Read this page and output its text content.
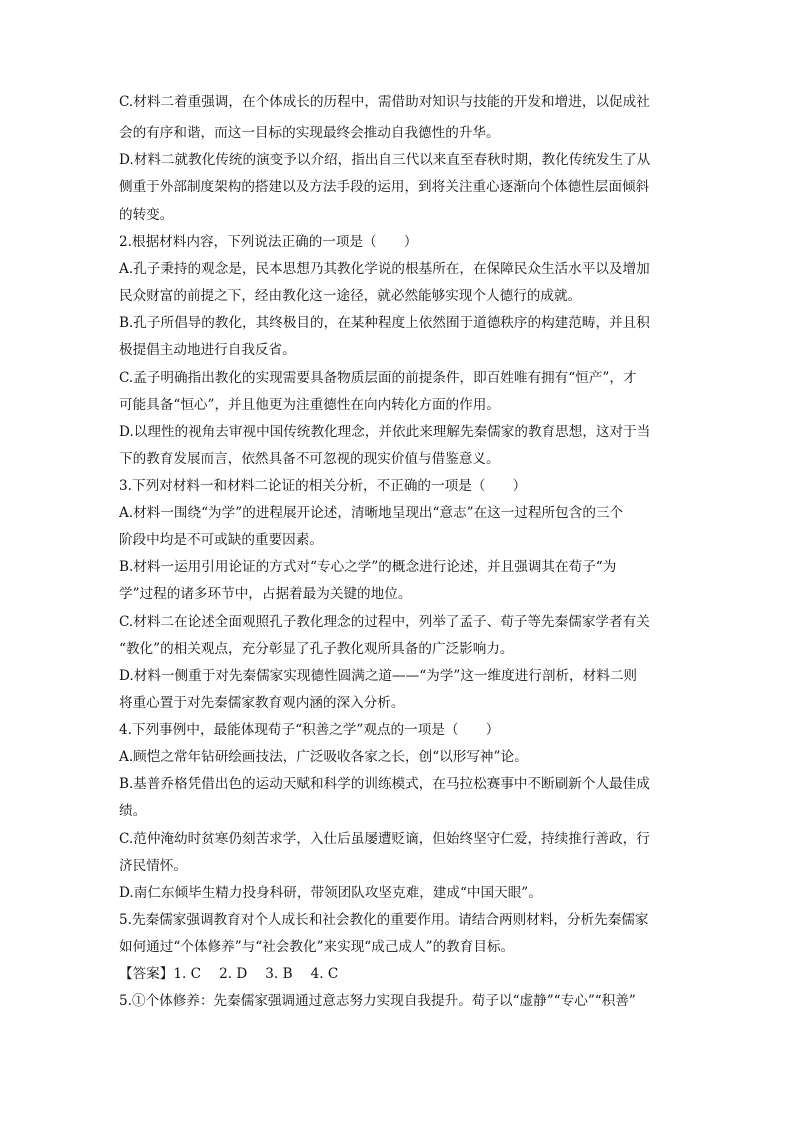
C.材料二着重强调，在个体成长的历程中，需借助对知识与技能的开发和增进，以促成社
会的有序和谐，而这一目标的实现最终会推动自我德性的升华。
D.材料二就教化传统的演变予以介绍，指出自三代以来直至春秋时期，教化传统发生了从
侧重于外部制度架构的搭建以及方法手段的运用，到将关注重心逐渐向个体德性层面倾斜
的转变。
2.根据材料内容，下列说法正确的一项是（　　）
A.孔子秉持的观念是，民本思想乃其教化学说的根基所在，在保障民众生活水平以及增加
民众财富的前提之下，经由教化这一途径，就必然能够实现个人德行的成就。
B.孔子所倡导的教化，其终极目的，在某种程度上依然囿于道德秩序的构建范畴，并且积
极提倡主动地进行自我反省。
C.孟子明确指出教化的实现需要具备物质层面的前提条件，即百姓唯有拥有“恒产”，才
可能具备“恒心”，并且他更为注重德性在向内转化方面的作用。
D.以理性的视角去审视中国传统教化理念，并依此来理解先秦儒家的教育思想，这对于当
下的教育发展而言，依然具备不可忽视的现实价值与借鉴意义。
3.下列对材料一和材料二论证的相关分析，不正确的一项是（　　）
A.材料一围绕“为学”的进程展开论述，清晰地呈现出“意志”在这一过程所包含的三个
阶段中均是不可或缺的重要因素。
B.材料一运用引用论证的方式对“专心之学”的概念进行论述，并且强调其在荀子“为
学”过程的诸多环节中，占据着最为关键的地位。
C.材料二在论述全面观照孔子教化理念的过程中，列举了孟子、荀子等先秦儒家学者有关
“教化”的相关观点，充分彰显了孔子教化观所具备的广泛影响力。
D.材料一侧重于对先秦儒家实现德性圆满之道——“为学”这一维度进行剖析，材料二则
将重心置于对先秦儒家教育观内涵的深入分析。
4.下列事例中，最能体现荀子“积善之学”观点的一项是（　　）
A.顾恺之常年钻研绘画技法，广泛吸收各家之长，创“以形写神”论。
B.基普乔格凭借出色的运动天赋和科学的训练模式，在马拉松赛事中不断刷新个人最佳成
绩。
C.范仲淹幼时贫寒仍刻苦求学，入仕后虽屡遭贬谪，但始终坚守仁爱，持续推行善政，行
济民情怀。
D.南仁东倾毕生精力投身科研，带领团队攻坚克难，建成“中国天眼”。
5.先秦儒家强调教育对个人成长和社会教化的重要作用。请结合两则材料，分析先秦儒家
如何通过“个体修养”与“社会教化”来实现“成己成人”的教育目标。
【答案】1. C 2. D 3. B 4. C
5.①个体修养：先秦儒家强调通过意志努力实现自我提升。荀子以“虚静”“专心”“积善”
